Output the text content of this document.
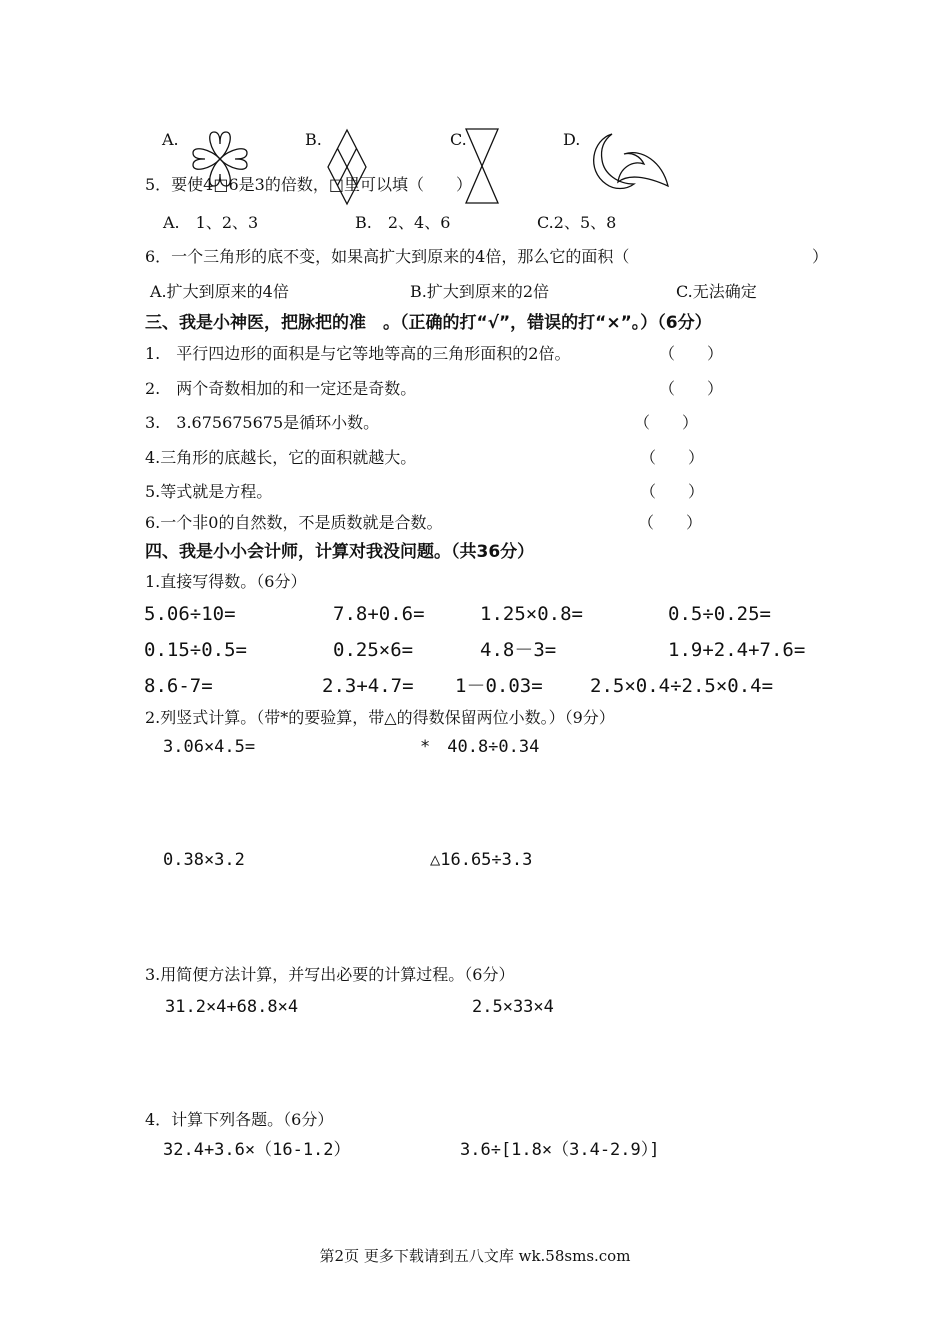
A.	B.	C.	D.
5．要使4□6是3的倍数，□里可以填（　　）
A.　1、2、3	B.　2、4、6	C.2、5、8
6．一个三角形的底不变，如果高扩大到原来的4倍，那么它的面积（	）
A.扩大到原来的4倍	B.扩大到原来的2倍	C.无法确定
三、我是小神医，把脉把的准　。（正确的打“√”，错误的打“×”。）（6分）
1.　平行四边形的面积是与它等地等高的三角形面积的2倍。	（　　）
2.　两个奇数相加的和一定还是奇数。	（　　）
3.　3.675675675是循环小数。	（　　）
4.三角形的底越长，它的面积就越大。	（　　）
5.等式就是方程。	（　　）
6.一个非0的自然数，不是质数就是合数。	（　　）
四、我是小小会计师，计算对我没问题。（共36分）
1.直接写得数。（6分）
5.06÷10=	7.8+0.6=	1.25×0.8=	0.5÷0.25=
0.15÷0.5=	0.25×6=	4.8－3=	1.9+2.4+7.6=
8.6-7=	2.3+4.7= 1－0.03= 2.5×0.4÷2.5×0.4=
2.列竖式计算。（带*的要验算，带△的得数保留两位小数。）（9分）
3.06×4.5=	*　40.8÷0.34
0.38×3.2	△16.65÷3.3
3.用简便方法计算，并写出必要的计算过程。（6分）
31.2×4+68.8×4	2.5×33×4
4．计算下列各题。（6分）
32.4+3.6×（16-1.2）	3.6÷[1.8×（3.4-2.9）]
第2页 更多下载请到五八文库 wk.58sms.com
